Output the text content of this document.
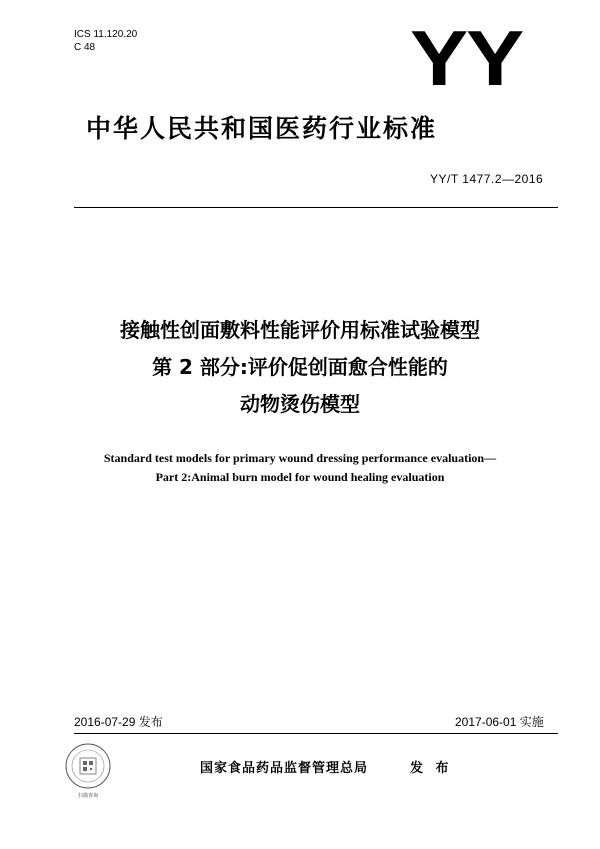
ICS 11.120.20
C 48	YY
中华人民共和国医药行业标准
YY/T 1477.2—2016
接触性创面敷料性能评价用标准试验模型
第 2 部分:评价促创面愈合性能的
动物烫伤模型
Standard test models for primary wound dressing performance evaluation—
Part 2:Animal burn model for wound healing evaluation
2016-07-29 发布	2017-06-01 实施
扫描查询
国家食品药品监督管理总局	发 布
